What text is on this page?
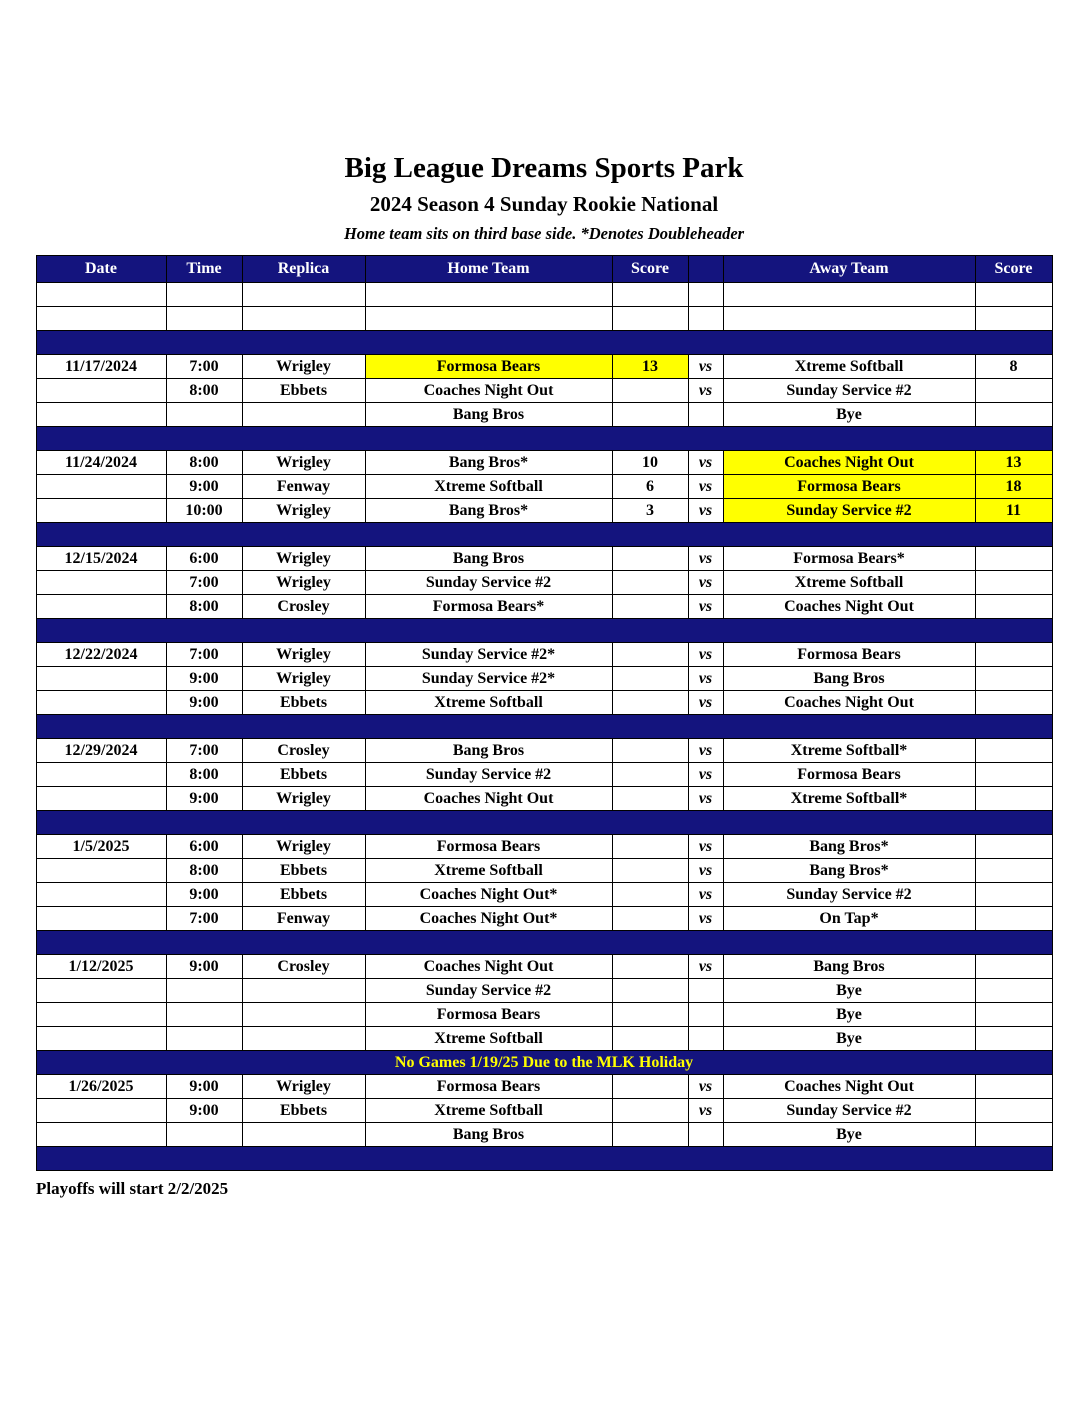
Big League Dreams Sports Park
2024 Season 4 Sunday Rookie National
Home team sits on third base side. *Denotes Doubleheader
Date	Time	Replica	Home Team	Score		Away Team	Score

11/17/2024	7:00	Wrigley	Formosa Bears	13	vs	Xtreme Softball	8
	8:00	Ebbets	Coaches Night Out		vs	Sunday Service #2	
			Bang Bros			Bye	

11/24/2024	8:00	Wrigley	Bang Bros*	10	vs	Coaches Night Out	13
	9:00	Fenway	Xtreme Softball	6	vs	Formosa Bears	18
	10:00	Wrigley	Bang Bros*	3	vs	Sunday Service #2	11

12/15/2024	6:00	Wrigley	Bang Bros		vs	Formosa Bears*	
	7:00	Wrigley	Sunday Service #2		vs	Xtreme Softball	
	8:00	Crosley	Formosa Bears*		vs	Coaches Night Out	

12/22/2024	7:00	Wrigley	Sunday Service #2*		vs	Formosa Bears	
	9:00	Wrigley	Sunday Service #2*		vs	Bang Bros	
	9:00	Ebbets	Xtreme Softball		vs	Coaches Night Out	

12/29/2024	7:00	Crosley	Bang Bros		vs	Xtreme Softball*	
	8:00	Ebbets	Sunday Service #2		vs	Formosa Bears	
	9:00	Wrigley	Coaches Night Out		vs	Xtreme Softball*	

1/5/2025	6:00	Wrigley	Formosa Bears		vs	Bang Bros*	
	8:00	Ebbets	Xtreme Softball		vs	Bang Bros*	
	9:00	Ebbets	Coaches Night Out*		vs	Sunday Service #2	
	7:00	Fenway	Coaches Night Out*		vs	On Tap*	

1/12/2025	9:00	Crosley	Coaches Night Out		vs	Bang Bros	
			Sunday Service #2			Bye	
			Formosa Bears			Bye	
			Xtreme Softball			Bye	
No Games 1/19/25 Due to the MLK Holiday							
1/26/2025	9:00	Wrigley	Formosa Bears		vs	Coaches Night Out	
	9:00	Ebbets	Xtreme Softball		vs	Sunday Service #2	
			Bang Bros			Bye	

Playoffs will start 2/2/2025
